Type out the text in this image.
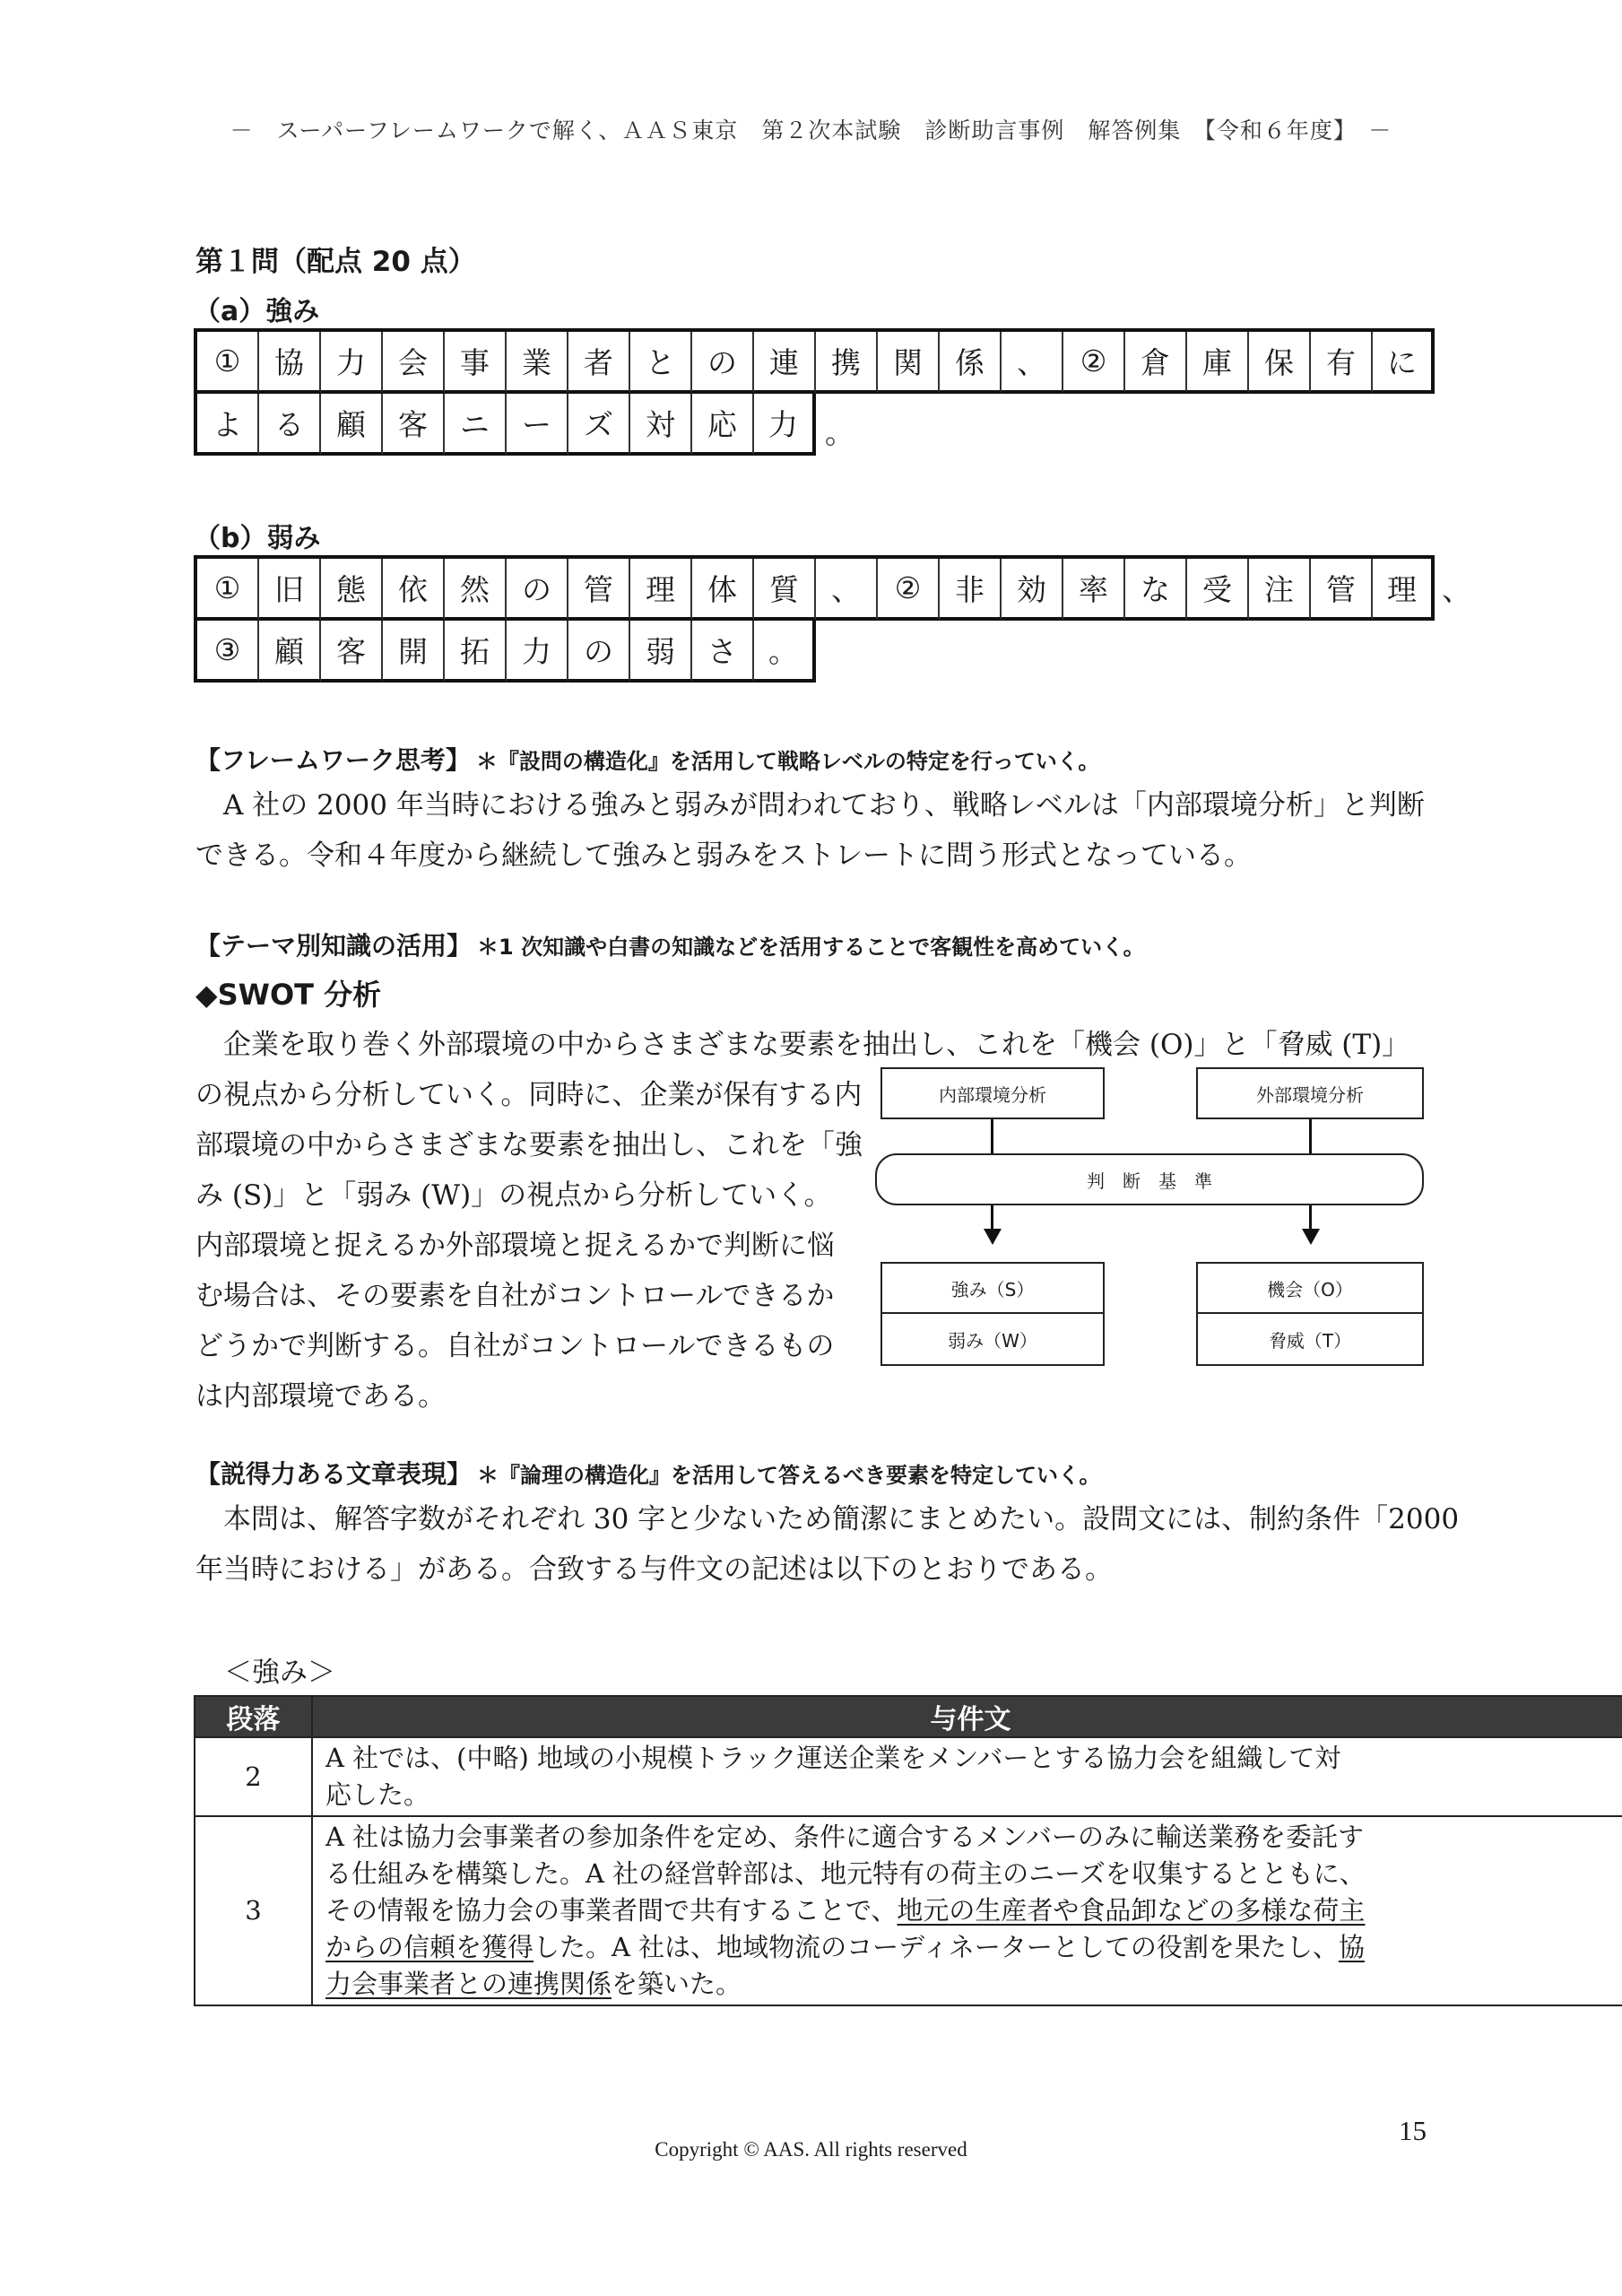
－　スーパーフレームワークで解く、ＡＡＳ東京　第２次本試験　診断助言事例　解答例集　【令和６年度】　－
第１問（配点 20 点）
（a）強み
①	協	力	会	事	業	者	と	の	連	携	関	係	、	②	倉	庫	保	有	に
よ	る	顧	客	ニ	ー	ズ	対	応	力 。
（b）弱み
①	旧	態	依	然	の	管	理	体	質	、	②	非	効	率	な	受	注	管	理 、
③	顧	客	開	拓	力	の	弱	さ	。
【フレームワーク思考】 ＊『設問の構造化』を活用して戦略レベルの特定を行っていく。
　A 社の 2000 年当時における強みと弱みが問われており、戦略レベルは「内部環境分析」と判断
できる。令和４年度から継続して強みと弱みをストレートに問う形式となっている。
【テーマ別知識の活用】 ＊1 次知識や白書の知識などを活用することで客観性を高めていく。
◆SWOT 分析
　企業を取り巻く外部環境の中からさまざまな要素を抽出し、これを「機会 (O)」と「脅威 (T)」
の視点から分析していく。同時に、企業が保有する内
部環境の中からさまざまな要素を抽出し、これを「強
み (S)」と「弱み (W)」の視点から分析していく。
内部環境と捉えるか外部環境と捉えるかで判断に悩
む場合は、その要素を自社がコントロールできるか
どうかで判断する。自社がコントロールできるもの
は内部環境である。
内部環境分析	外部環境分析
判　断　基　準
強み（S）
弱み（W）
機会（O）
脅威（T）
【説得力ある文章表現】 ＊『論理の構造化』を活用して答えるべき要素を特定していく。
　本問は、解答字数がそれぞれ 30 字と少ないため簡潔にまとめたい。設問文には、制約条件「2000
年当時における」がある。合致する与件文の記述は以下のとおりである。
＜強み＞
段落	与件文
2	A 社では、(中略) 地域の小規模トラック運送企業をメンバーとする協力会を組織して対
応した。

3	A 社は協力会事業者の参加条件を定め、条件に適合するメンバーのみに輸送業務を委託す
る仕組みを構築した。A 社の経営幹部は、地元特有の荷主のニーズを収集するとともに、
その情報を協力会の事業者間で共有することで、地元の生産者や食品卸などの多様な荷主
からの信頼を獲得した。A 社は、地域物流のコーディネーターとしての役割を果たし、協
力会事業者との連携関係を築いた。
15
Copyright © AAS. All rights reserved
